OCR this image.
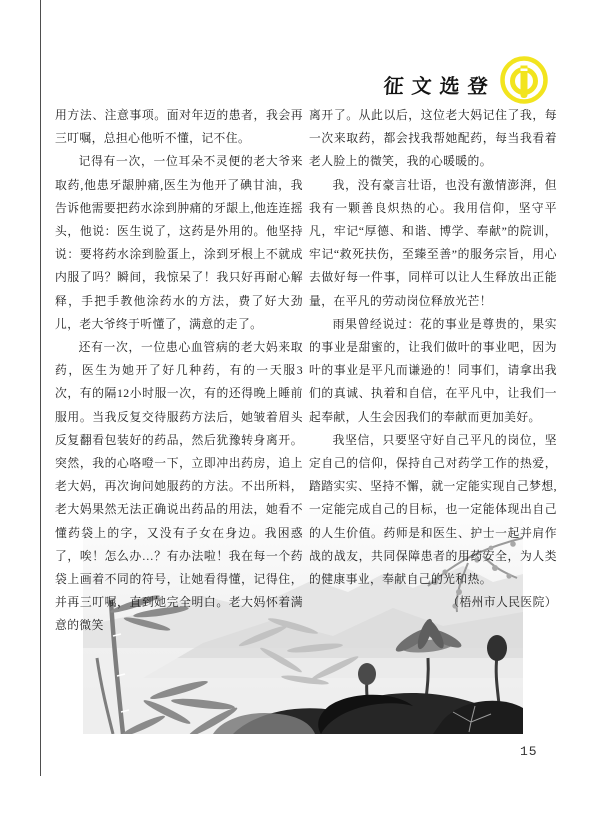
征文选登

用方法、注意事项。面对年迈的患者，我会再三叮嘱，总担心他听不懂，记不住。

记得有一次，一位耳朵不灵便的老大爷来取药,他患牙龈肿痛,医生为他开了碘甘油，我告诉他需要把药水涂到肿痛的牙龈上,他连连摇头，他说：医生说了，这药是外用的。他坚持说：要将药水涂到脸蛋上，涂到牙根上不就成内服了吗？瞬间，我惊呆了！我只好再耐心解释，手把手教他涂药水的方法，费了好大劲儿，老大爷终于听懂了，满意的走了。

还有一次，一位患心血管病的老大妈来取药，医生为她开了好几种药，有的一天服3次，有的隔12小时服一次，有的还得晚上睡前服用。当我反复交待服药方法后，她皱着眉头反复翻看包装好的药品，然后犹豫转身离开。突然，我的心咯噔一下，立即冲出药房，追上老大妈，再次询问她服药的方法。不出所料，老大妈果然无法正确说出药品的用法，她看不懂药袋上的字，又没有子女在身边。我困惑了，唉！怎么办…？有办法啦！我在每一个药袋上画着不同的符号，让她看得懂，记得住，并再三叮嘱，直到她完全明白。老大妈怀着满意的微笑

离开了。从此以后，这位老大妈记住了我，每一次来取药，都会找我帮她配药，每当我看着老人脸上的微笑，我的心暖暖的。

我，没有豪言壮语，也没有激情澎湃，但我有一颗善良炽热的心。我用信仰，坚守平凡，牢记“厚德、和谐、博学、奉献”的院训，牢记“救死扶伤，至臻至善”的服务宗旨，用心去做好每一件事，同样可以让人生释放出正能量，在平凡的劳动岗位释放光芒！

雨果曾经说过：花的事业是尊贵的，果实的事业是甜蜜的，让我们做叶的事业吧，因为叶的事业是平凡而谦逊的！同事们，请拿出我们的真诚、执着和自信，在平凡中，让我们一起奉献，人生会因我们的奉献而更加美好。

我坚信，只要坚守好自己平凡的岗位，坚定自己的信仰，保持自己对药学工作的热爱，踏踏实实、坚持不懈，就一定能实现自己梦想,一定能完成自己的目标，也一定能体现出自己的人生价值。药师是和医生、护士一起并肩作战的战友，共同保障患者的用药安全，为人类的健康事业，奉献自己的光和热。
（梧州市人民医院）

15
